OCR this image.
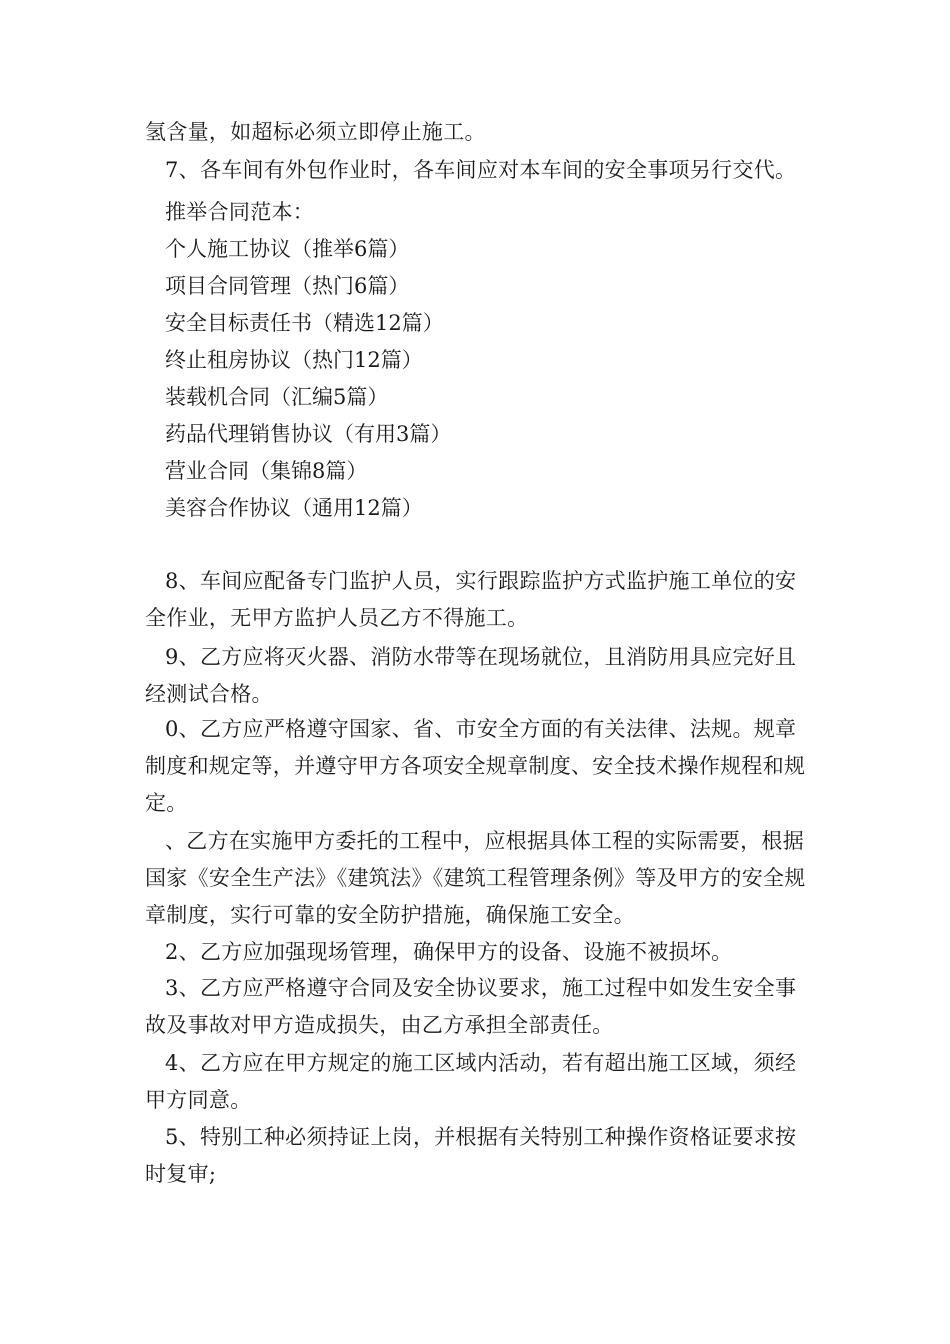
氢含量，如超标必须立即停止施工。
7、各车间有外包作业时，各车间应对本车间的安全事项另行交代。
推举合同范本：
个人施工协议（推举6篇）
项目合同管理（热门6篇）
安全目标责任书（精选12篇）
终止租房协议（热门12篇）
装载机合同（汇编5篇）
药品代理销售协议（有用3篇）
营业合同（集锦8篇）
美容合作协议（通用12篇）
8、车间应配备专门监护人员，实行跟踪监护方式监护施工单位的安全作业，无甲方监护人员乙方不得施工。
9、乙方应将灭火器、消防水带等在现场就位，且消防用具应完好且经测试合格。
0、乙方应严格遵守国家、省、市安全方面的有关法律、法规。规章制度和规定等，并遵守甲方各项安全规章制度、安全技术操作规程和规定。
、乙方在实施甲方委托的工程中，应根据具体工程的实际需要，根据国家《安全生产法》《建筑法》《建筑工程管理条例》等及甲方的安全规章制度，实行可靠的安全防护措施，确保施工安全。
2、乙方应加强现场管理，确保甲方的设备、设施不被损坏。
3、乙方应严格遵守合同及安全协议要求，施工过程中如发生安全事故及事故对甲方造成损失，由乙方承担全部责任。
4、乙方应在甲方规定的施工区域内活动，若有超出施工区域，须经甲方同意。
5、特别工种必须持证上岗，并根据有关特别工种操作资格证要求按时复审;
